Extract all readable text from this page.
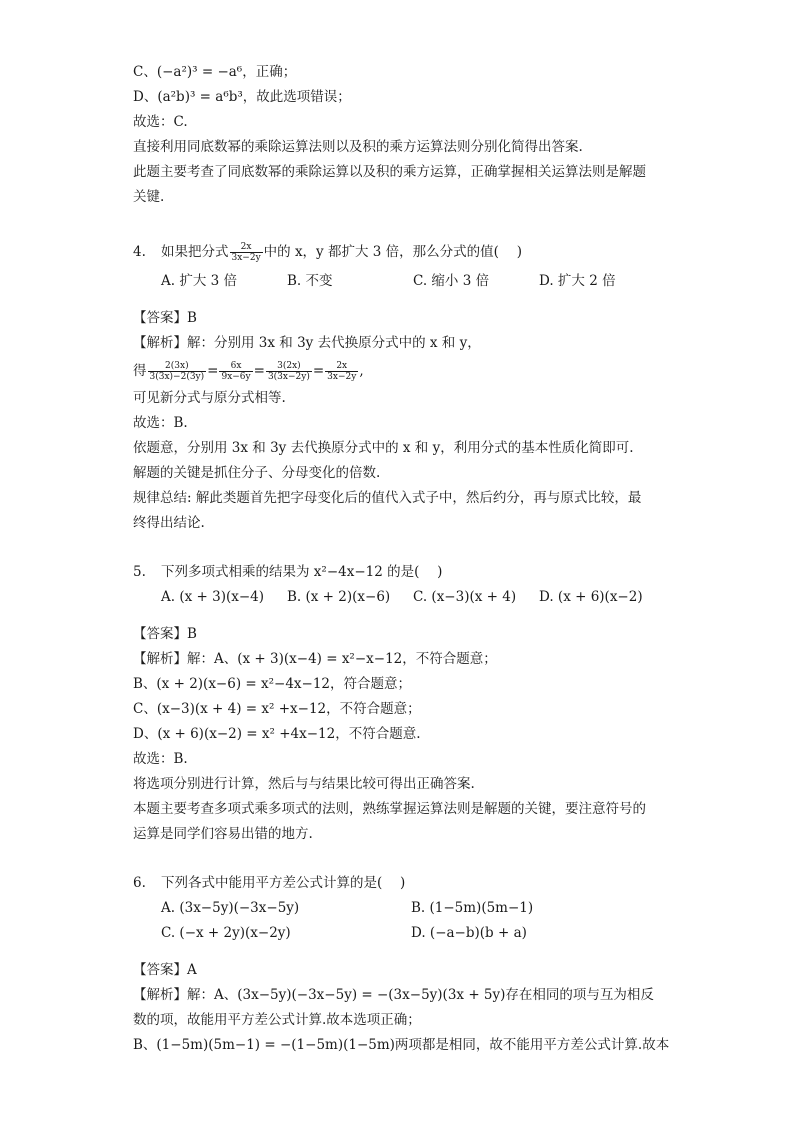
C、(−a²)³ = −a⁶，正确；
D、(a²b)³ = a⁶b³，故此选项错误；
故选：C.
直接利用同底数幂的乘除运算法则以及积的乘方运算法则分别化简得出答案.
此题主要考查了同底数幂的乘除运算以及积的乘方运算，正确掌握相关运算法则是解题
关键.
4. 如果把分式 $\frac{2x}{3x-2y}$ 中的 x，y 都扩大 3 倍，那么分式的值(　 )
A. 扩大 3 倍	B. 不变	C. 缩小 3 倍	D. 扩大 2 倍
【答案】B
【解析】解：分别用 3x 和 3y 去代换原分式中的 x 和 y，
得 $\frac{2(3x)}{3(3x)-2(3y)} = \frac{6x}{9x-6y} = \frac{3(2x)}{3(3x-2y)} = \frac{2x}{3x-2y}$ ,
可见新分式与原分式相等.
故选：B.
依题意，分别用 3x 和 3y 去代换原分式中的 x 和 y，利用分式的基本性质化简即可.
解题的关键是抓住分子、分母变化的倍数.
规律总结: 解此类题首先把字母变化后的值代入式子中，然后约分，再与原式比较，最
终得出结论.
5. 下列多项式相乘的结果为 x²−4x−12 的是(　 )
A. (x + 3)(x−4) B. (x + 2)(x−6) C. (x−3)(x + 4) D. (x + 6)(x−2)
【答案】B
【解析】解：A、(x + 3)(x−4) = x²−x−12，不符合题意；
B、(x + 2)(x−6) = x²−4x−12，符合题意；
C、(x−3)(x + 4) = x² +x−12，不符合题意；
D、(x + 6)(x−2) = x² +4x−12，不符合题意.
故选：B.
将选项分别进行计算，然后与与结果比较可得出正确答案.
本题主要考查多项式乘多项式的法则，熟练掌握运算法则是解题的关键，要注意符号的
运算是同学们容易出错的地方.
6. 下列各式中能用平方差公式计算的是(　 )
A. (3x−5y)(−3x−5y)	B. (1−5m)(5m−1)
C. (−x + 2y)(x−2y)	D. (−a−b)(b + a)
【答案】A
【解析】解：A、(3x−5y)(−3x−5y) = −(3x−5y)(3x + 5y)存在相同的项与互为相反
数的项，故能用平方差公式计算.故本选项正确；
B、(1−5m)(5m−1) = −(1−5m)(1−5m)两项都是相同，故不能用平方差公式计算.故本
